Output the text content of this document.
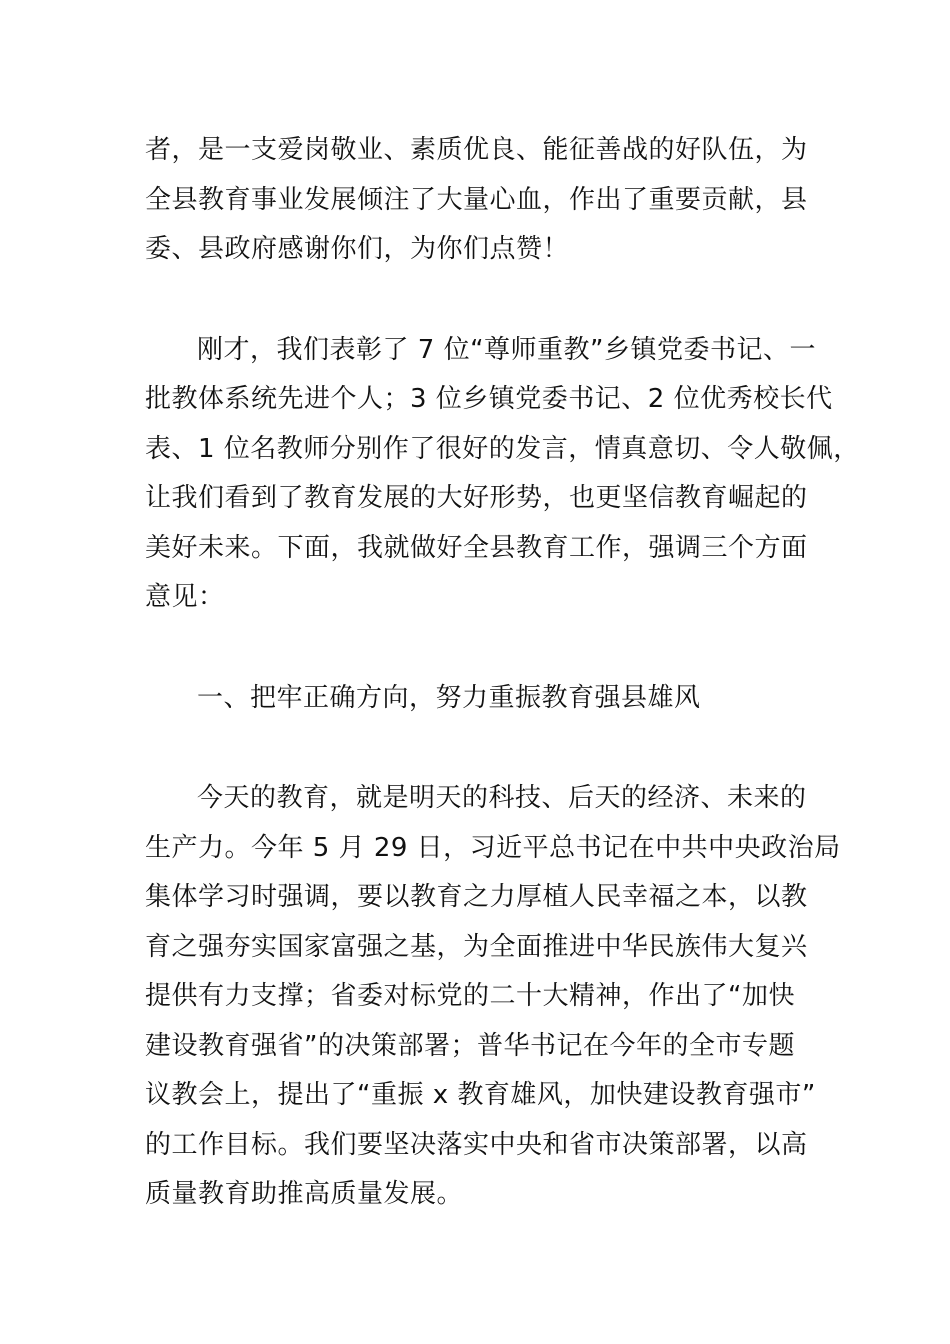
者，是一支爱岗敬业、素质优良、能征善战的好队伍，为
全县教育事业发展倾注了大量心血，作出了重要贡献，县
委、县政府感谢你们，为你们点赞！

刚才，我们表彰了 7 位“尊师重教”乡镇党委书记、一
批教体系统先进个人；3 位乡镇党委书记、2 位优秀校长代
表、1 位名教师分别作了很好的发言，情真意切、令人敬佩，
让我们看到了教育发展的大好形势，也更坚信教育崛起的
美好未来。下面，我就做好全县教育工作，强调三个方面
意见：

一、把牢正确方向，努力重振教育强县雄风

今天的教育，就是明天的科技、后天的经济、未来的
生产力。今年 5 月 29 日，习近平总书记在中共中央政治局
集体学习时强调，要以教育之力厚植人民幸福之本，以教
育之强夯实国家富强之基，为全面推进中华民族伟大复兴
提供有力支撑；省委对标党的二十大精神，作出了“加快
建设教育强省”的决策部署；普华书记在今年的全市专题
议教会上，提出了“重振 x 教育雄风，加快建设教育强市”
的工作目标。我们要坚决落实中央和省市决策部署，以高
质量教育助推高质量发展。
